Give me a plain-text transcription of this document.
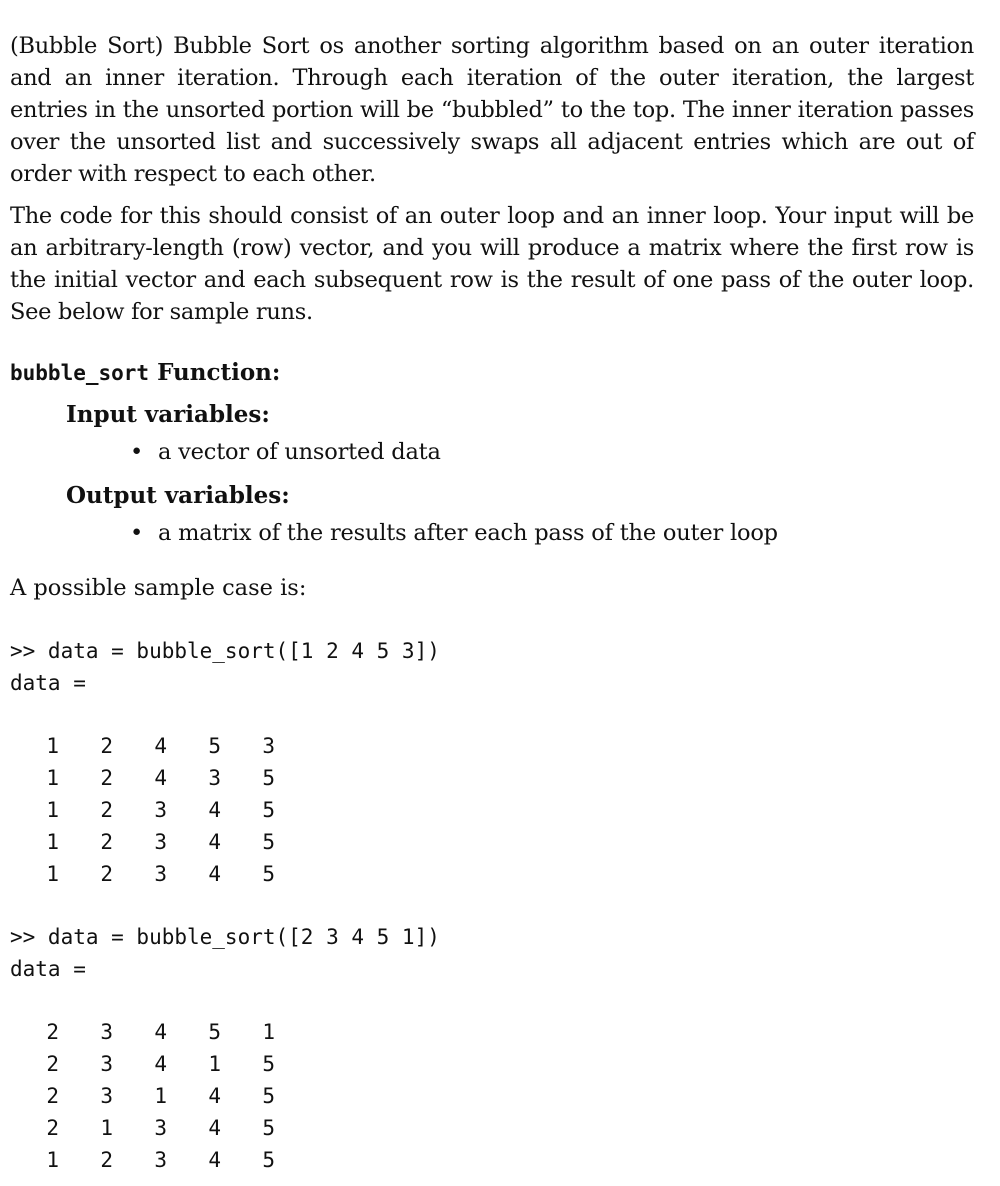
(Bubble Sort) Bubble Sort os another sorting algorithm based on an outer iteration and an inner iteration. Through each iteration of the outer iteration, the largest entries in the unsorted portion will be “bubbled” to the top. The inner iteration passes over the unsorted list and successively swaps all adjacent entries which are out of order with respect to each other.

The code for this should consist of an outer loop and an inner loop. Your input will be an arbitrary-length (row) vector, and you will produce a matrix where the first row is the initial vector and each subsequent row is the result of one pass of the outer loop. See below for sample runs.

bubble_sort Function:
Input variables:
• a vector of unsorted data
Output variables:
• a matrix of the results after each pass of the outer loop
A possible sample case is:
>> data = bubble_sort([1 2 4 5 3])
data =
1	2	4	5	3
1	2	4	3	5
1	2	3	4	5
1	2	3	4	5
1	2	3	4	5
>> data = bubble_sort([2 3 4 5 1])
data =
2	3	4	5	1
2	3	4	1	5
2	3	1	4	5
2	1	3	4	5
1	2	3	4	5
